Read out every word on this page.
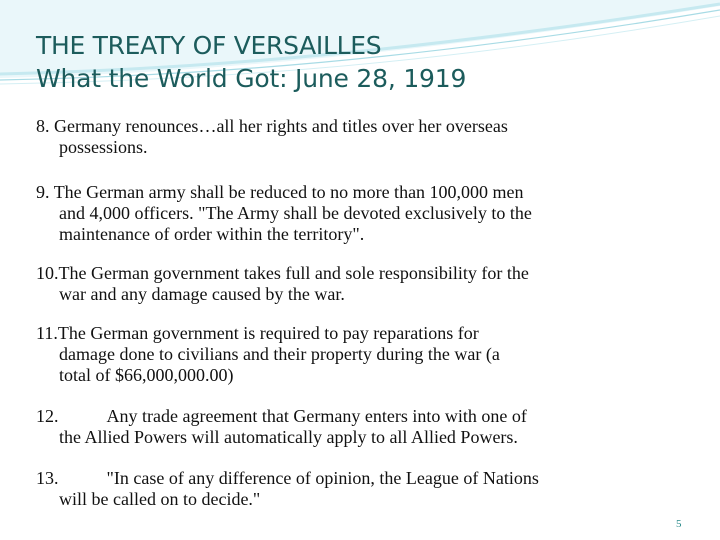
THE TREATY OF VERSAILLES
What the World Got: June 28, 1919
8. Germany renounces…all her rights and titles over her overseas
possessions.
9. The German army shall be reduced to no more than 100,000 men
and 4,000 officers. "The Army shall be devoted exclusively to the
maintenance of order within the territory".
10.The German government takes full and sole responsibility for the
war and any damage caused by the war.
11.The German government is required to pay reparations for
damage done to civilians and their property during the war (a
total of $66,000,000.00)
12.	Any trade agreement that Germany enters into with one of
the Allied Powers will automatically apply to all Allied Powers.
13.	"In case of any difference of opinion, the League of Nations
will be called on to decide."
5
